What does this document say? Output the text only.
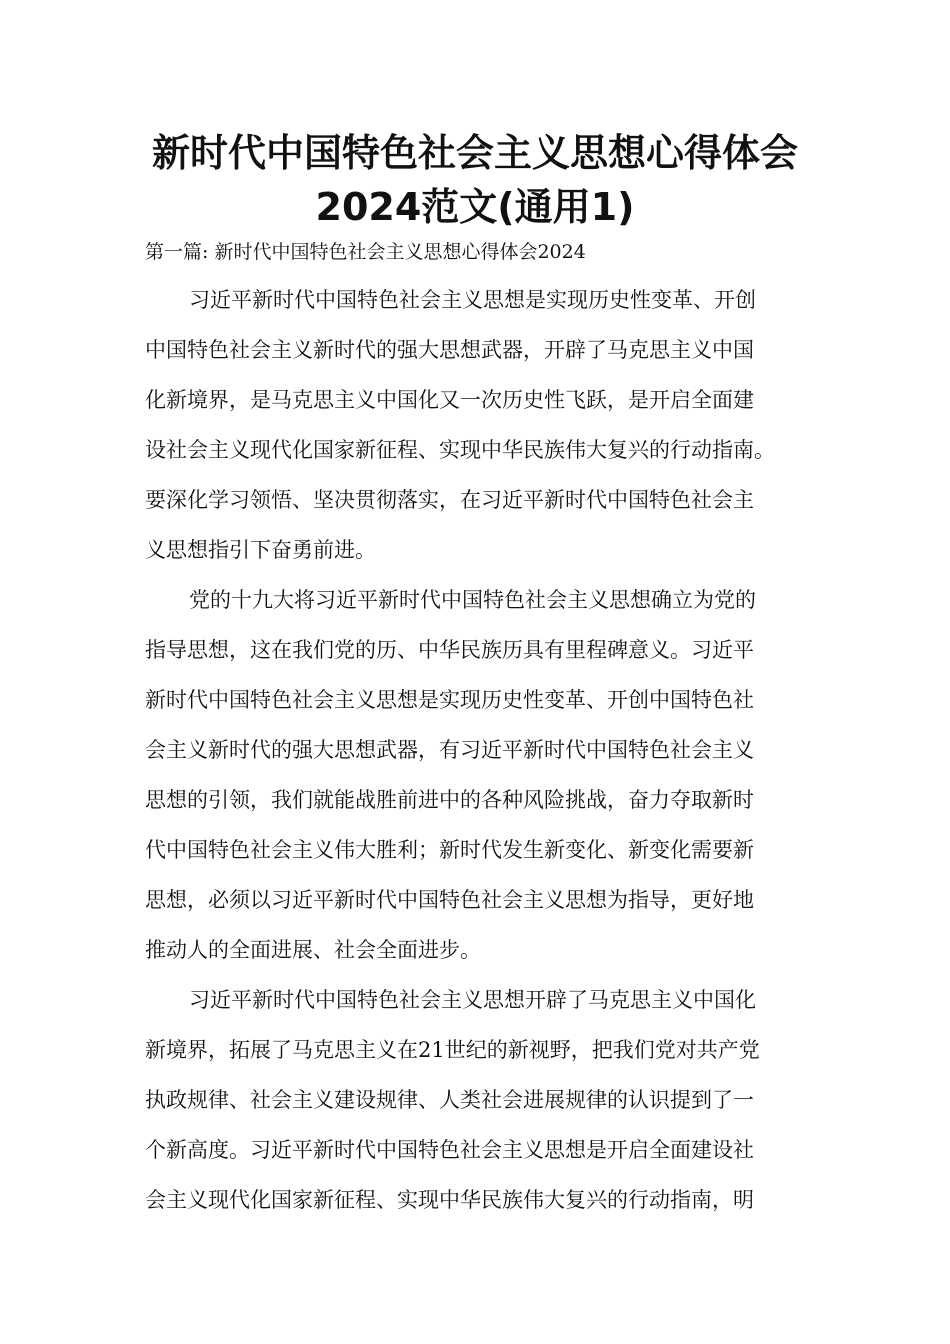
新时代中国特色社会主义思想心得体会
2024范文(通用1)
第一篇: 新时代中国特色社会主义思想心得体会2024
习近平新时代中国特色社会主义思想是实现历史性变革、开创
中国特色社会主义新时代的强大思想武器，开辟了马克思主义中国
化新境界，是马克思主义中国化又一次历史性飞跃，是开启全面建
设社会主义现代化国家新征程、实现中华民族伟大复兴的行动指南。
要深化学习领悟、坚决贯彻落实，在习近平新时代中国特色社会主
义思想指引下奋勇前进。
党的十九大将习近平新时代中国特色社会主义思想确立为党的
指导思想，这在我们党的历、中华民族历具有里程碑意义。习近平
新时代中国特色社会主义思想是实现历史性变革、开创中国特色社
会主义新时代的强大思想武器，有习近平新时代中国特色社会主义
思想的引领，我们就能战胜前进中的各种风险挑战，奋力夺取新时
代中国特色社会主义伟大胜利；新时代发生新变化、新变化需要新
思想，必须以习近平新时代中国特色社会主义思想为指导，更好地
推动人的全面进展、社会全面进步。
习近平新时代中国特色社会主义思想开辟了马克思主义中国化
新境界，拓展了马克思主义在21世纪的新视野，把我们党对共产党
执政规律、社会主义建设规律、人类社会进展规律的认识提到了一
个新高度。习近平新时代中国特色社会主义思想是开启全面建设社
会主义现代化国家新征程、实现中华民族伟大复兴的行动指南，明
